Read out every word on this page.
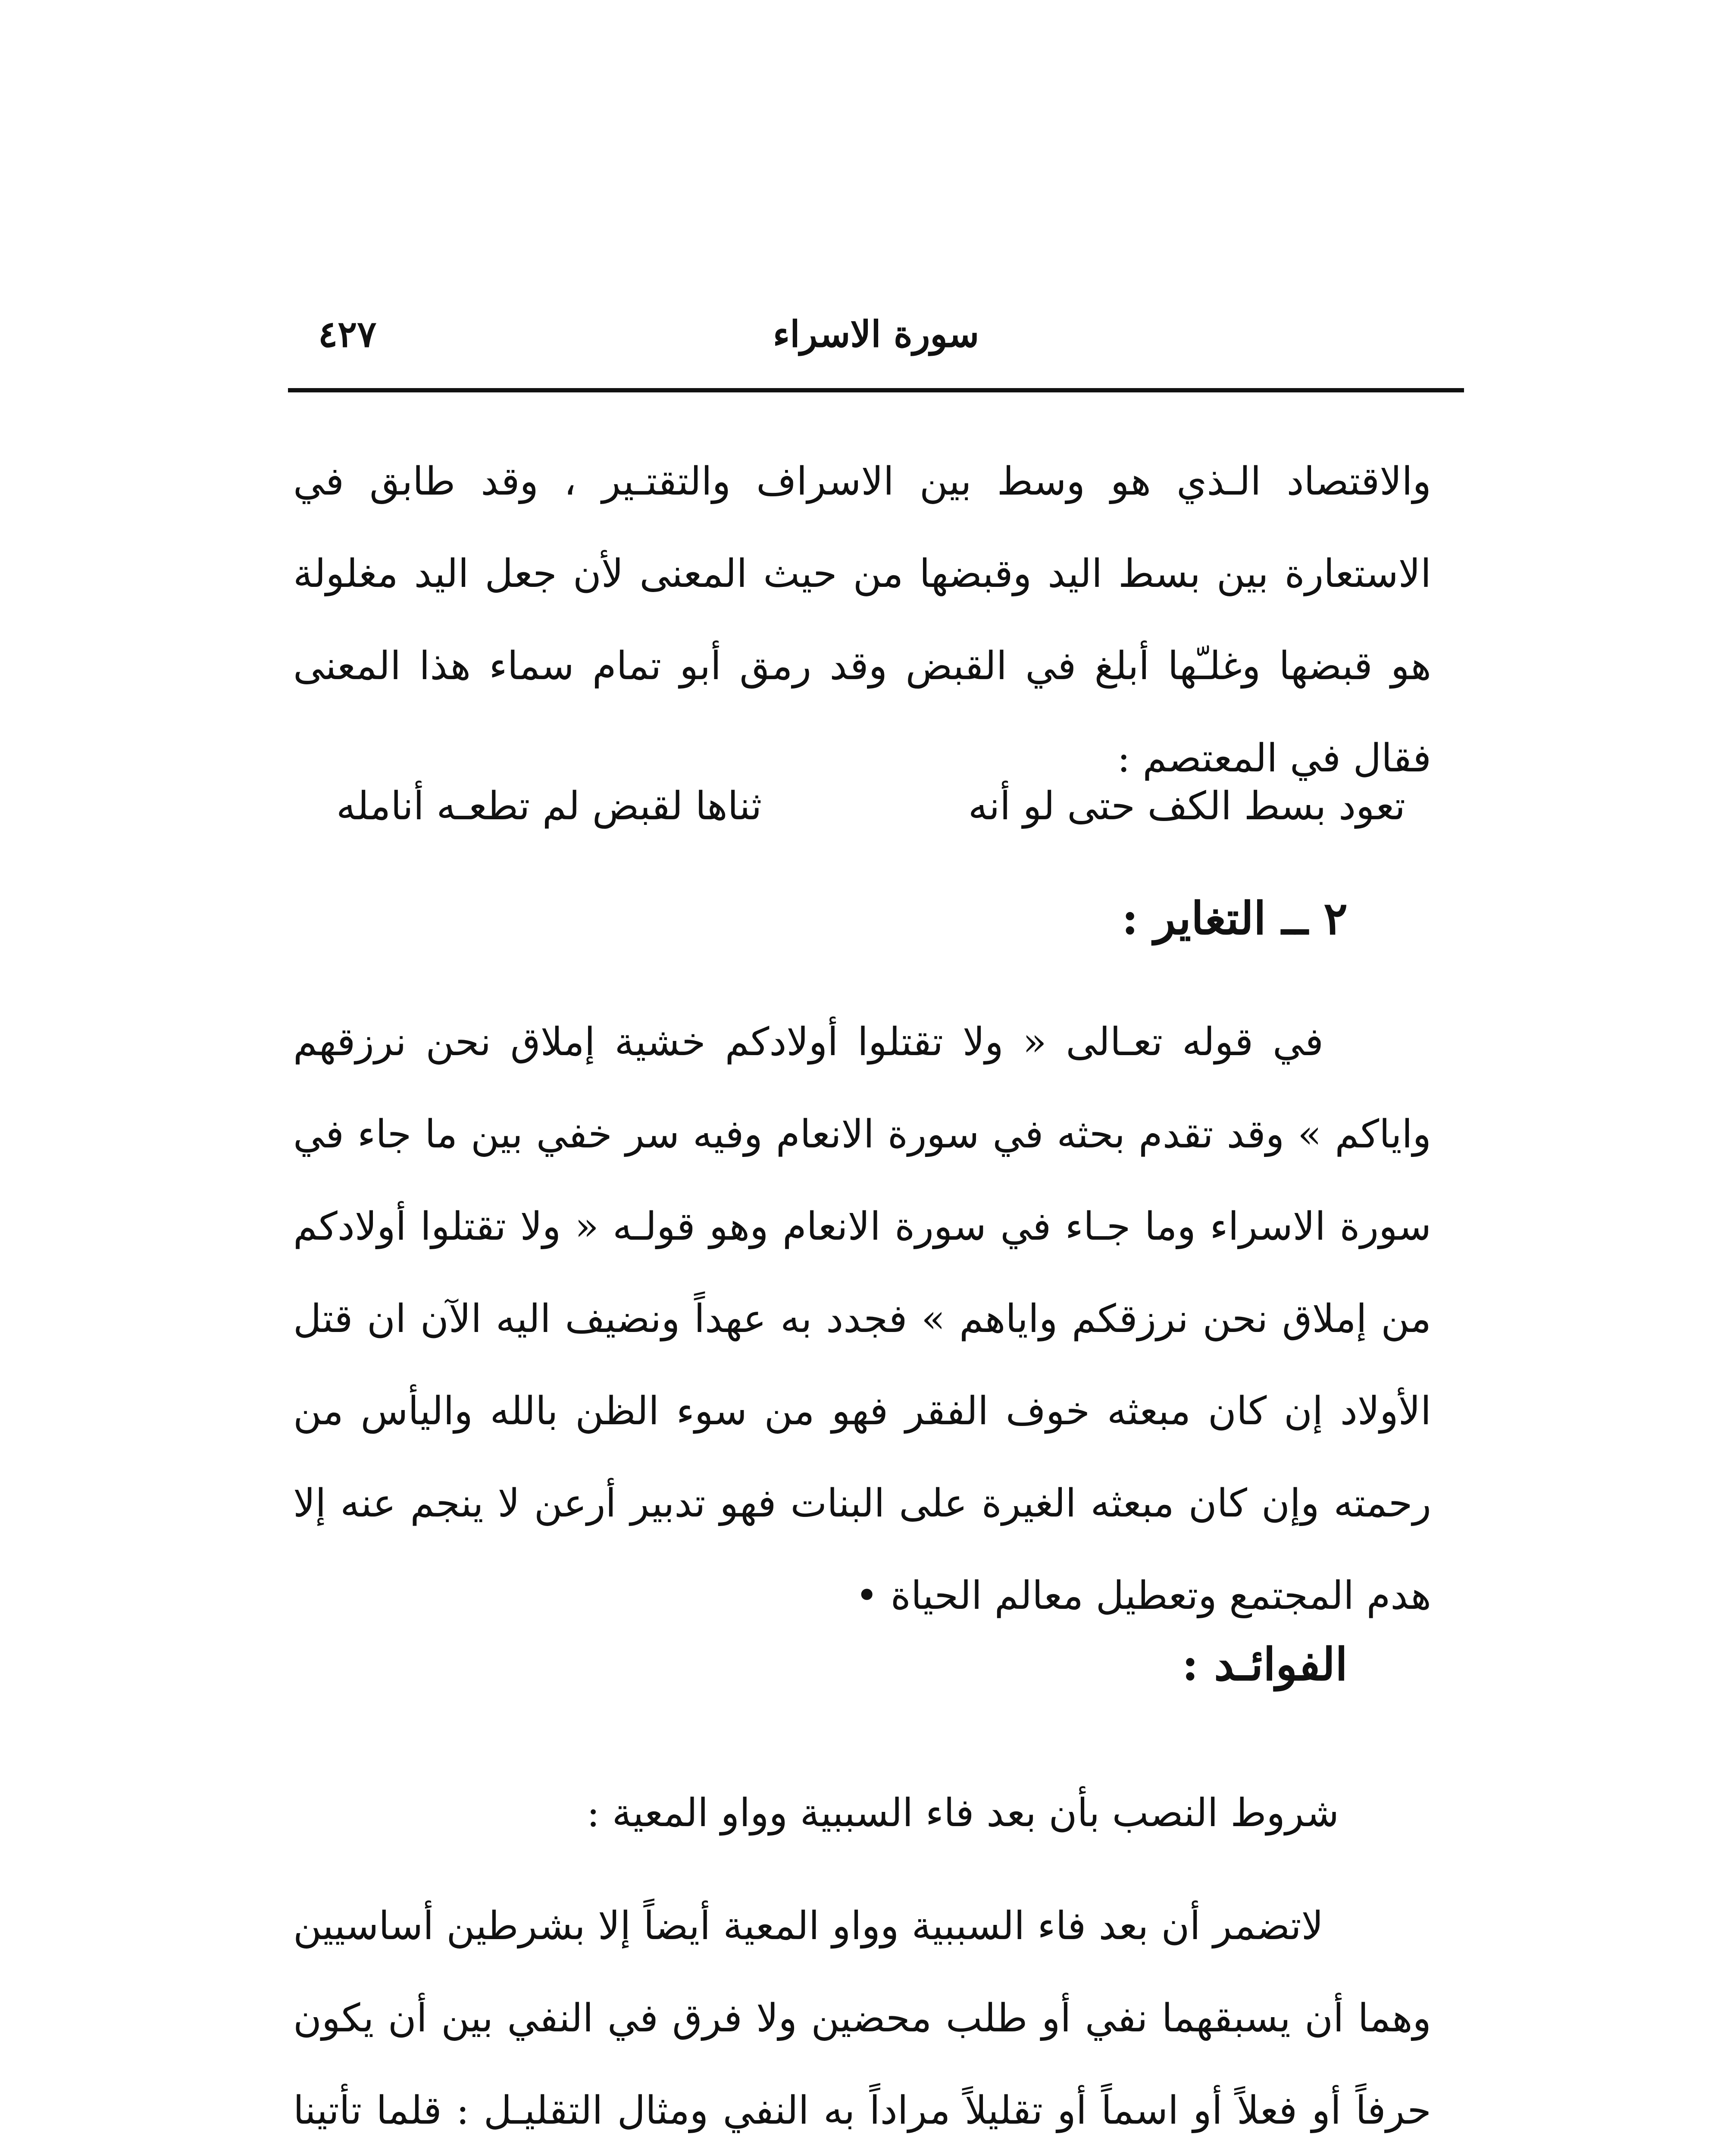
سورة الاسراء
٤٢٧

والاقتصاد الـذي هو وسط بين الاسراف والتقتـير ، وقد طابق في الاستعارة بين بسط اليد وقبضها من حيث المعنى لأن جعل اليد مغلولة هو قبضها وغلـّها أبلغ في القبض وقد رمق أبو تمام سماء هذا المعنى فقال في المعتصم :

تعود بسط الكف حتى لو أنه
ثناها لقبض لم تطعـه أنامله
٢ ــ التغاير :

في قوله تعـالى « ولا تقتلوا أولادكم خشية إملاق نحن نرزقهم واياكم » وقد تقدم بحثه في سورة الانعام وفيه سر خفي بين ما جاء في سورة الاسراء وما جـاء في سورة الانعام وهو قولـه « ولا تقتلوا أولادكم من إملاق نحن نرزقكم واياهم » فجدد به عهداً ونضيف اليه الآن ان قتل الأولاد إن كان مبعثه خوف الفقر فهو من سوء الظن بالله واليأس من رحمته وإن كان مبعثه الغيرة على البنات فهو تدبير أرعن لا ينجم عنه إلا هدم المجتمع وتعطيل معالم الحياة •

الفوائـد :
شروط النصب بأن بعد فاء السببية وواو المعية :

لاتضمر أن بعد فاء السببية وواو المعية أيضاً إلا بشرطين أساسيين وهما أن يسبقهما نفي أو طلب محضين ولا فرق في النفي بين أن يكون حرفاً أو فعلاً أو اسماً أو تقليلاً مراداً به النفي ومثال التقليـل : قلما تأتينا
